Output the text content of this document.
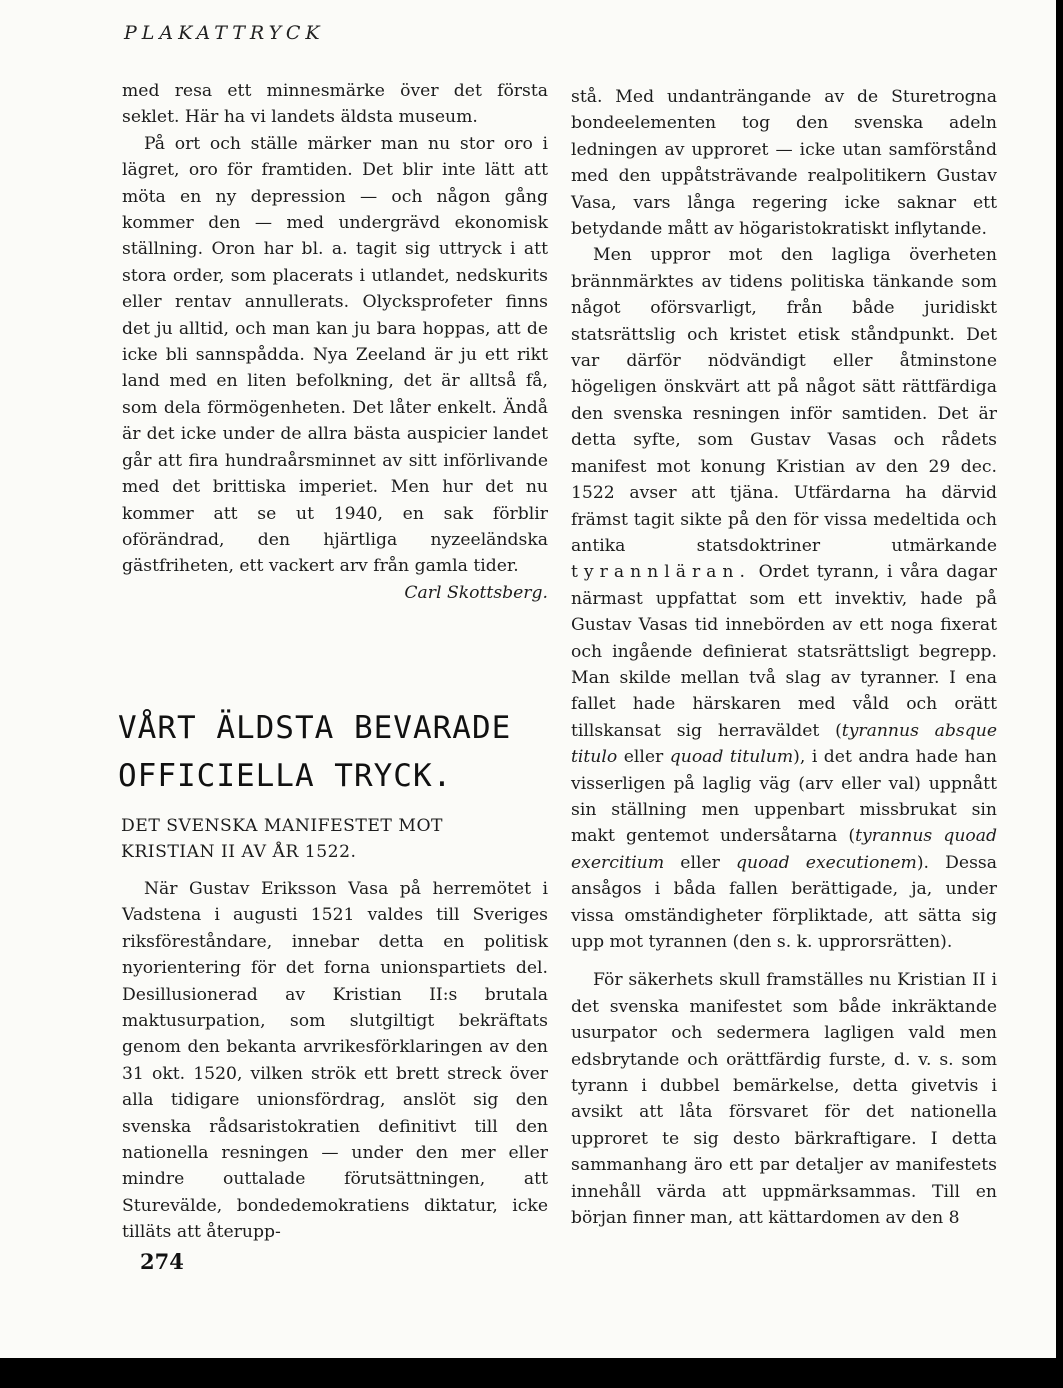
PLAKATTRYCK

med resa ett minnesmärke över det första seklet. Här ha vi landets äldsta museum.

På ort och ställe märker man nu stor oro i lägret, oro för framtiden. Det blir inte lätt att möta en ny depression — och någon gång kommer den — med undergrävd ekonomisk ställning. Oron har bl. a. tagit sig uttryck i att stora order, som placerats i utlandet, nedskurits eller rentav annullerats. Olycksprofeter finns det ju alltid, och man kan ju bara hoppas, att de icke bli sannspådda. Nya Zeeland är ju ett rikt land med en liten befolkning, det är alltså få, som dela förmögenheten. Det låter enkelt. Ändå är det icke under de allra bästa auspicier landet går att fira hundraårsminnet av sitt införlivande med det brittiska imperiet. Men hur det nu kommer att se ut 1940, en sak förblir oförändrad, den hjärtliga nyzeeländska gästfriheten, ett vackert arv från gamla tider.

Carl Skottsberg.

VÅRT ÄLDSTA BEVARADE
OFFICIELLA TRYCK.
DET SVENSKA MANIFESTET MOT
KRISTIAN II AV ÅR 1522.

När Gustav Eriksson Vasa på herremötet i Vadstena i augusti 1521 valdes till Sveriges riksföreståndare, innebar detta en politisk nyorientering för det forna unionspartiets del. Desillusionerad av Kristian II:s brutala maktusurpation, som slutgiltigt bekräftats genom den bekanta arvrikesförklaringen av den 31 okt. 1520, vilken strök ett brett streck över alla tidigare unionsfördrag, anslöt sig den svenska rådsaristokratien definitivt till den nationella resningen — under den mer eller mindre outtalade förutsättningen, att Sturevälde, bondedemokratiens diktatur, icke tilläts att återupp-

stå. Med undanträngande av de Sturetrogna bondeelementen tog den svenska adeln ledningen av upproret — icke utan samförstånd med den uppåtsträvande realpolitikern Gustav Vasa, vars långa regering icke saknar ett betydande mått av högaristokratiskt inflytande.

Men uppror mot den lagliga överheten brännmärktes av tidens politiska tänkande som något oförsvarligt, från både juridiskt statsrättslig och kristet etisk ståndpunkt. Det var därför nödvändigt eller åtminstone högeligen önskvärt att på något sätt rättfärdiga den svenska resningen inför samtiden. Det är detta syfte, som Gustav Vasas och rådets manifest mot konung Kristian av den 29 dec. 1522 avser att tjäna. Utfärdarna ha därvid främst tagit sikte på den för vissa medeltida och antika statsdoktriner utmärkande tyrannläran. Ordet tyrann, i våra dagar närmast uppfattat som ett invektiv, hade på Gustav Vasas tid innebörden av ett noga fixerat och ingående definierat statsrättsligt begrepp. Man skilde mellan två slag av tyranner. I ena fallet hade härskaren med våld och orätt tillskansat sig herraväldet (tyrannus absque titulo eller quoad titulum), i det andra hade han visserligen på laglig väg (arv eller val) uppnått sin ställning men uppenbart missbrukat sin makt gentemot undersåtarna (tyrannus quoad exercitium eller quoad executionem). Dessa ansågos i båda fallen berättigade, ja, under vissa omständigheter förpliktade, att sätta sig upp mot tyrannen (den s. k. upprorsrätten).

För säkerhets skull framställes nu Kristian II i det svenska manifestet som både inkräktande usurpator och sedermera lagligen vald men edsbrytande och orättfärdig furste, d. v. s. som tyrann i dubbel bemärkelse, detta givetvis i avsikt att låta försvaret för det nationella upproret te sig desto bärkraftigare. I detta sammanhang äro ett par detaljer av manifestets innehåll värda att uppmärksammas. Till en början finner man, att kättardomen av den 8

274
